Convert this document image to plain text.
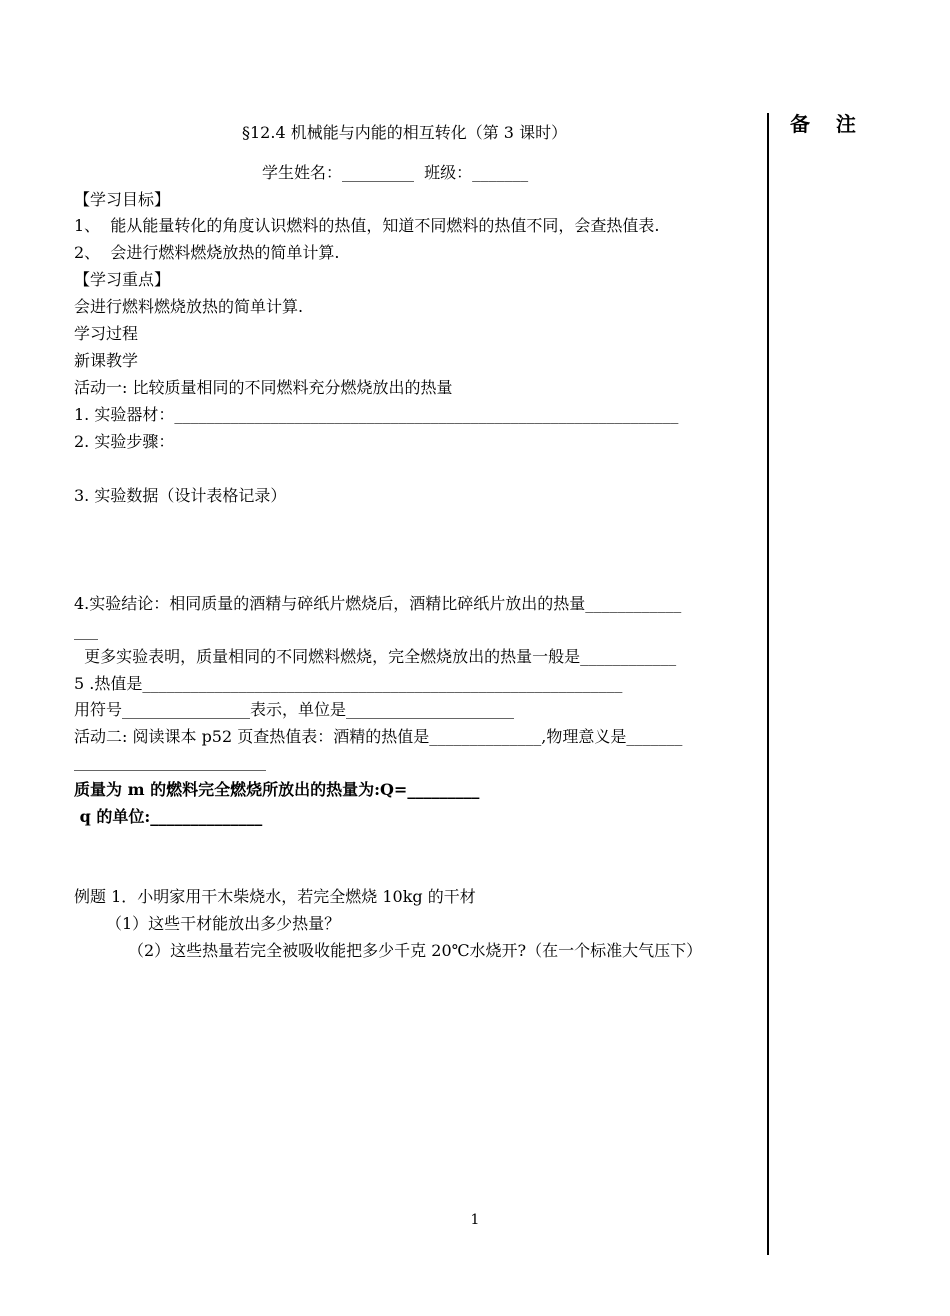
备  注
§12.4 机械能与内能的相互转化（第 3 课时）
学生姓名：_________  班级：_______
【学习目标】
1、  能从能量转化的角度认识燃料的热值，知道不同燃料的热值不同，会查热值表.
2、  会进行燃料燃烧放热的简单计算.
【学习重点】
会进行燃料燃烧放热的简单计算.
学习过程
新课教学
活动一: 比较质量相同的不同燃料充分燃烧放出的热量
1. 实验器材：_______________________________________________________________
2. 实验步骤：
3. 实验数据（设计表格记录）
4.实验结论：相同质量的酒精与碎纸片燃烧后，酒精比碎纸片放出的热量____________
___
更多实验表明，质量相同的不同燃料燃烧，完全燃烧放出的热量一般是____________
5 .热值是____________________________________________________________
用符号________________表示，单位是_____________________
活动二: 阅读课本 p52 页查热值表：酒精的热值是______________,物理意义是_______
________________________
质量为 m 的燃料完全燃烧所放出的热量为:Q=_________
q 的单位:______________
例题 1．小明家用干木柴烧水，若完全燃烧 10kg 的干材
（1）这些干材能放出多少热量？
（2）这些热量若完全被吸收能把多少千克 20℃水烧开?（在一个标准大气压下）
1
